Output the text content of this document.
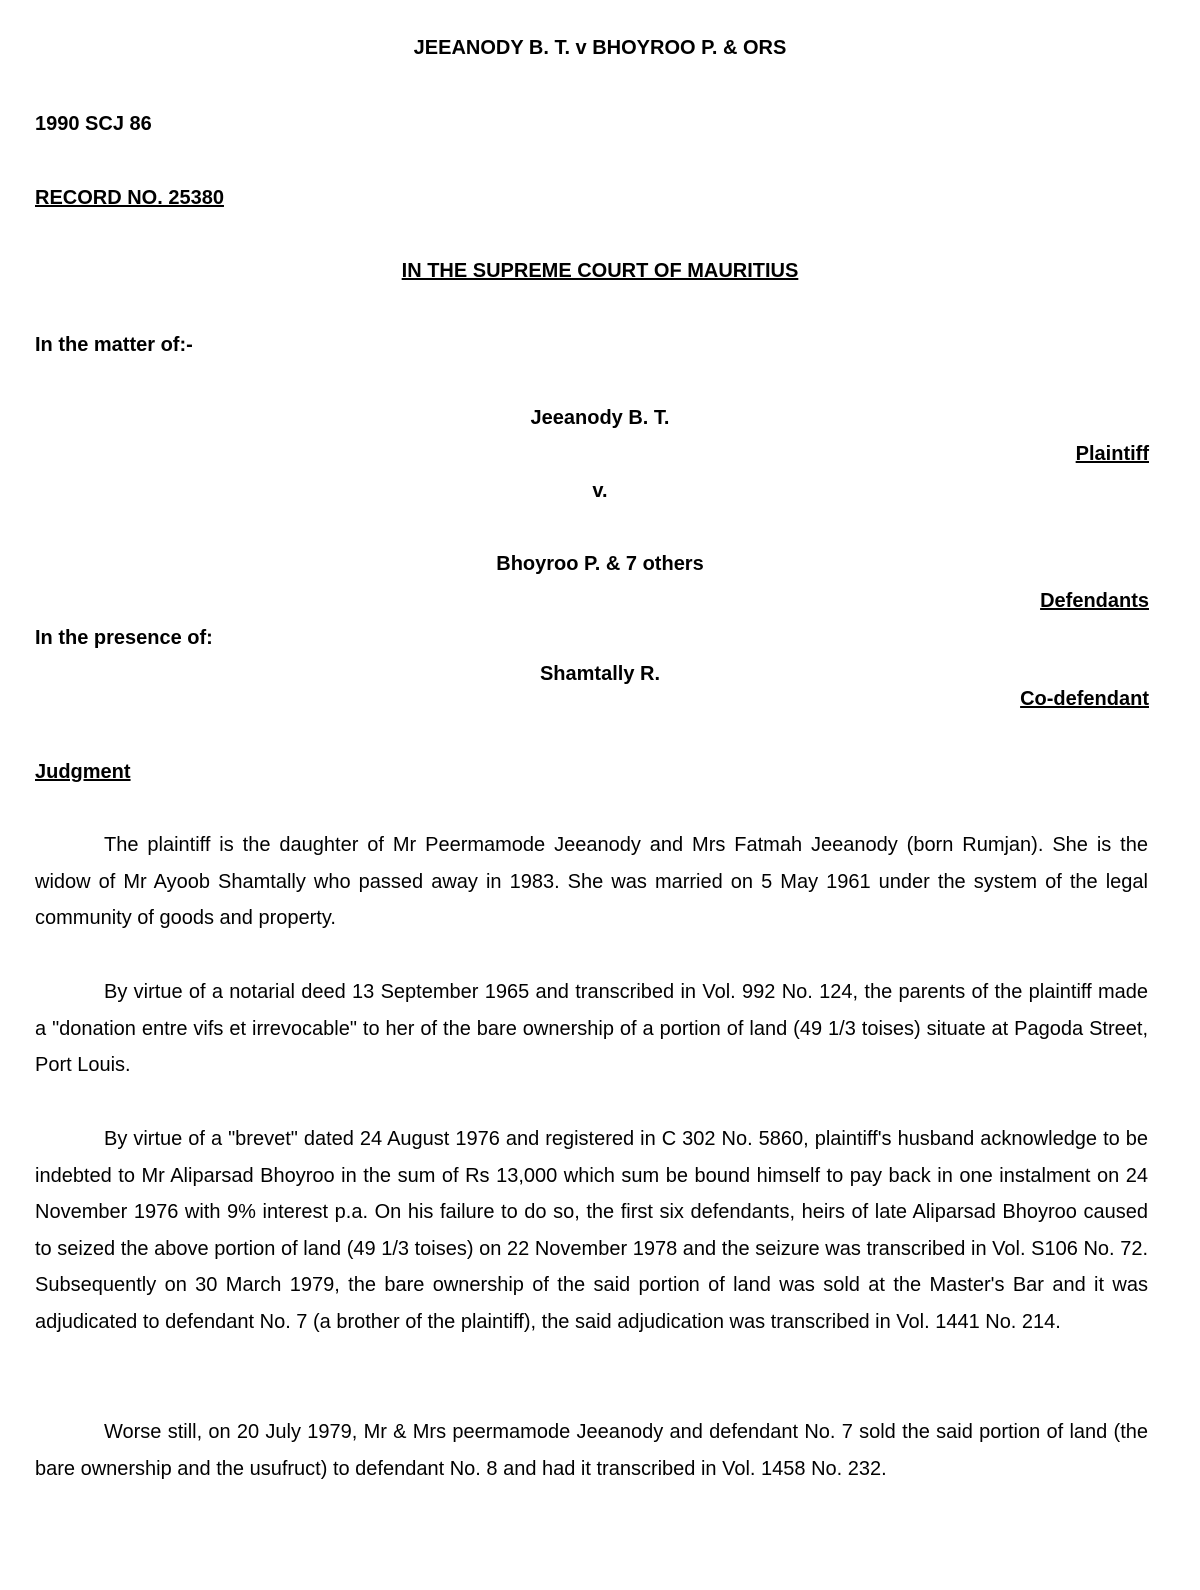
JEEANODY B. T. v BHOYROO P. & ORS
1990 SCJ 86
RECORD NO. 25380
IN THE SUPREME COURT OF MAURITIUS
In the matter of:-
Jeeanody B. T.
Plaintiff
v.
Bhoyroo P. & 7 others
Defendants
In the presence of:
Shamtally R.
Co-defendant
Judgment
The plaintiff is the daughter of Mr Peermamode Jeeanody and Mrs Fatmah Jeeanody (born Rumjan). She is the widow of Mr Ayoob Shamtally who passed away in 1983. She was married on 5 May 1961 under the system of the legal community of goods and property.
By virtue of a notarial deed 13 September 1965 and transcribed in Vol. 992 No. 124, the parents of the plaintiff made a "donation entre vifs et irrevocable" to her of the bare ownership of a portion of land (49 1/3 toises) situate at Pagoda Street, Port Louis.
By virtue of a "brevet" dated 24 August 1976 and registered in C 302 No. 5860, plaintiff's husband acknowledge to be indebted to Mr Aliparsad Bhoyroo in the sum of Rs 13,000 which sum be bound himself to pay back in one instalment on 24 November 1976 with 9% interest p.a. On his failure to do so, the first six defendants, heirs of late Aliparsad Bhoyroo caused to seized the above portion of land (49 1/3 toises) on 22 November 1978 and the seizure was transcribed in Vol. S106 No. 72. Subsequently on 30 March 1979, the bare ownership of the said portion of land was sold at the Master's Bar and it was adjudicated to defendant No. 7 (a brother of the plaintiff), the said adjudication was transcribed in Vol. 1441 No. 214.
Worse still, on 20 July 1979, Mr & Mrs peermamode Jeeanody and defendant No. 7 sold the said portion of land (the bare ownership and the usufruct) to defendant No. 8 and had it transcribed in Vol. 1458 No. 232.
